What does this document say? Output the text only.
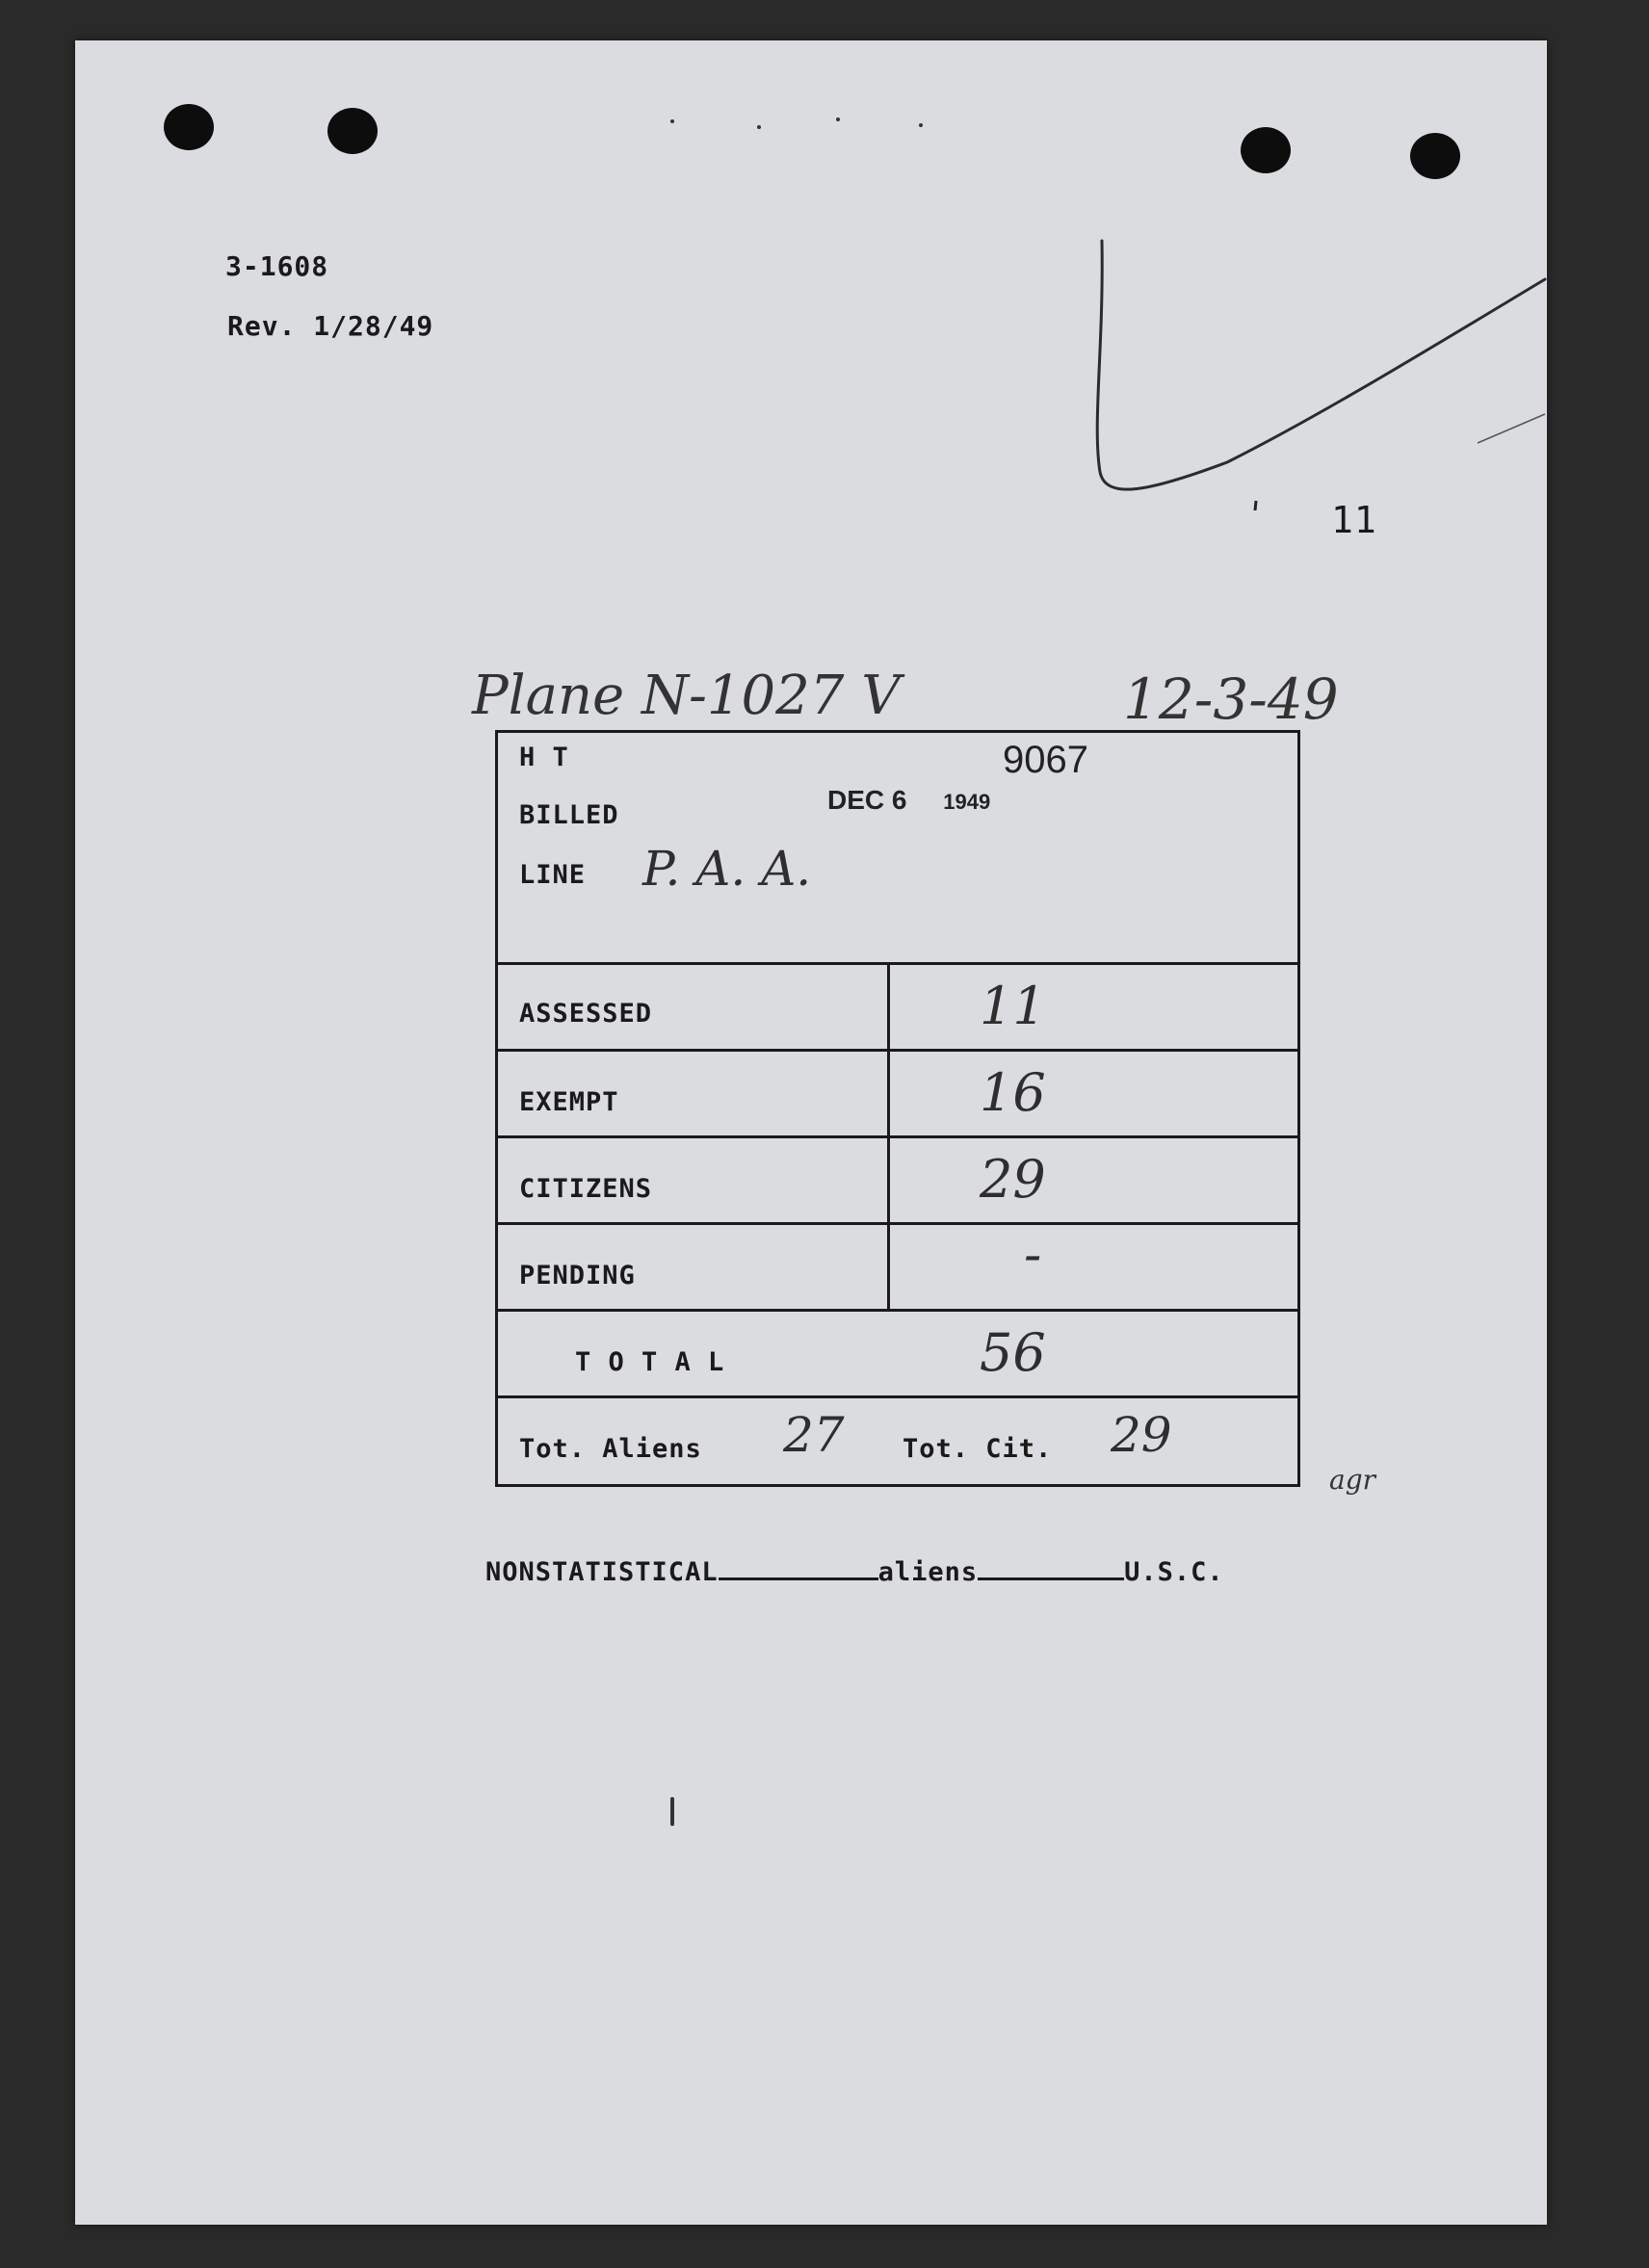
3-1608
Rev. 1/28/49
11
Plane N-1027 V	12-3-49
agr
NONSTATISTICAL	aliens	U.S.C.
H T	9067
BILLED
DEC 6 1949
LINE P. A. A.
ASSESSED	11
EXEMPT	16
CITIZENS	29
PENDING	-
T O T A L	56
Tot. Aliens 27 Tot. Cit. 29
